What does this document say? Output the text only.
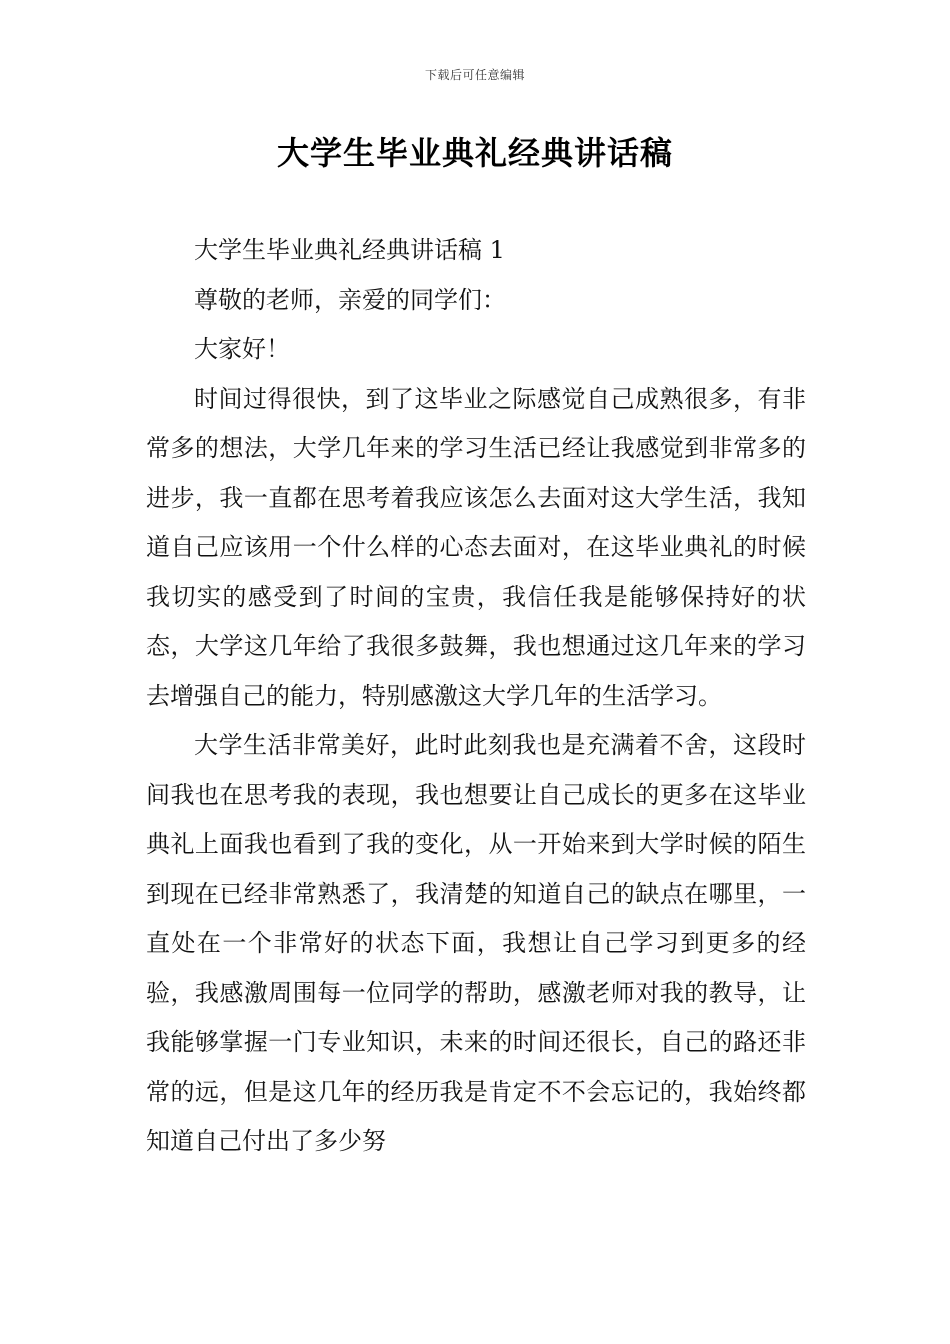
下载后可任意编辑
大学生毕业典礼经典讲话稿

大学生毕业典礼经典讲话稿 1

尊敬的老师，亲爱的同学们：

大家好！

时间过得很快，到了这毕业之际感觉自己成熟很多，有非常多的想法，大学几年来的学习生活已经让我感觉到非常多的进步，我一直都在思考着我应该怎么去面对这大学生活，我知道自己应该用一个什么样的心态去面对，在这毕业典礼的时候我切实的感受到了时间的宝贵，我信任我是能够保持好的状态，大学这几年给了我很多鼓舞，我也想通过这几年来的学习去增强自己的能力，特别感激这大学几年的生活学习。

大学生活非常美好，此时此刻我也是充满着不舍，这段时间我也在思考我的表现，我也想要让自己成长的更多在这毕业典礼上面我也看到了我的变化，从一开始来到大学时候的陌生到现在已经非常熟悉了，我清楚的知道自己的缺点在哪里，一直处在一个非常好的状态下面，我想让自己学习到更多的经验，我感激周围每一位同学的帮助，感激老师对我的教导，让我能够掌握一门专业知识，未来的时间还很长，自己的路还非常的远，但是这几年的经历我是肯定不不会忘记的，我始终都知道自己付出了多少努
